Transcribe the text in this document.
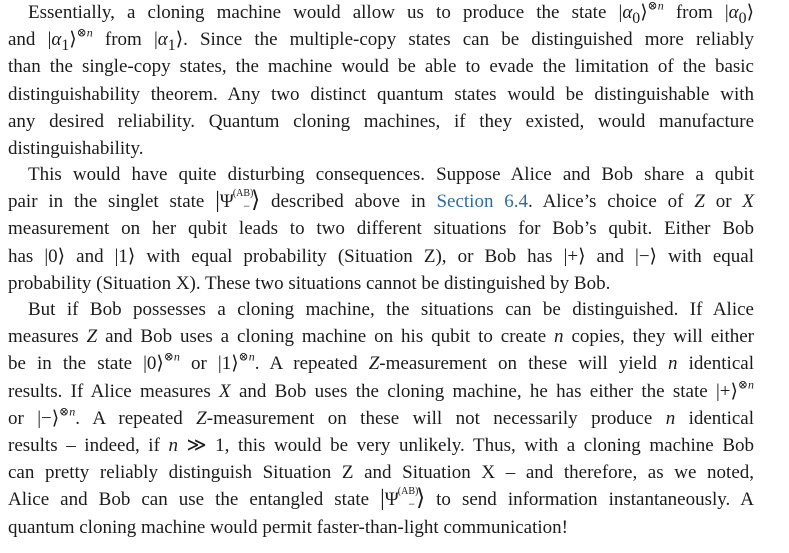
Essentially, a cloning machine would allow us to produce the state $|\alpha_0⟩^{\otimes n}$ from $|\alpha_0⟩$
and $|\alpha_1⟩^{\otimes n}$ from $|\alpha_1⟩$. Since the multiple-copy states can be distinguished more reliably
than the single-copy states, the machine would be able to evade the limitation of the basic
distinguishability theorem. Any two distinct quantum states would be distinguishable with
any desired reliability. Quantum cloning machines, if they existed, would manufacture
distinguishability.
This would have quite disturbing consequences. Suppose Alice and Bob share a qubit
pair in the singlet state $|\Psi^{(AB)}-⟩$ described above in Section 6.4. Alice’s choice of Z or X
measurement on her qubit leads to two different situations for Bob’s qubit. Either Bob
has |0⟩ and |1⟩ with equal probability (Situation Z), or Bob has |+⟩ and |−⟩ with equal
probability (Situation X). These two situations cannot be distinguished by Bob.
But if Bob possesses a cloning machine, the situations can be distinguished. If Alice
measures Z and Bob uses a cloning machine on his qubit to create n copies, they will either
be in the state |0⟩$^{\otimes n}$ or |1⟩$^{\otimes n}$. A repeated Z-measurement on these will yield n identical
results. If Alice measures X and Bob uses the cloning machine, he has either the state |+⟩$^{\otimes n}$
or |−⟩$^{\otimes n}$. A repeated Z-measurement on these will not necessarily produce n identical
results – indeed, if n ≫ 1, this would be very unlikely. Thus, with a cloning machine Bob
can pretty reliably distinguish Situation Z and Situation X – and therefore, as we noted,
Alice and Bob can use the entangled state $|\Psi^{(AB)}-⟩$ to send information instantaneously. A
quantum cloning machine would permit faster-than-light communication!
